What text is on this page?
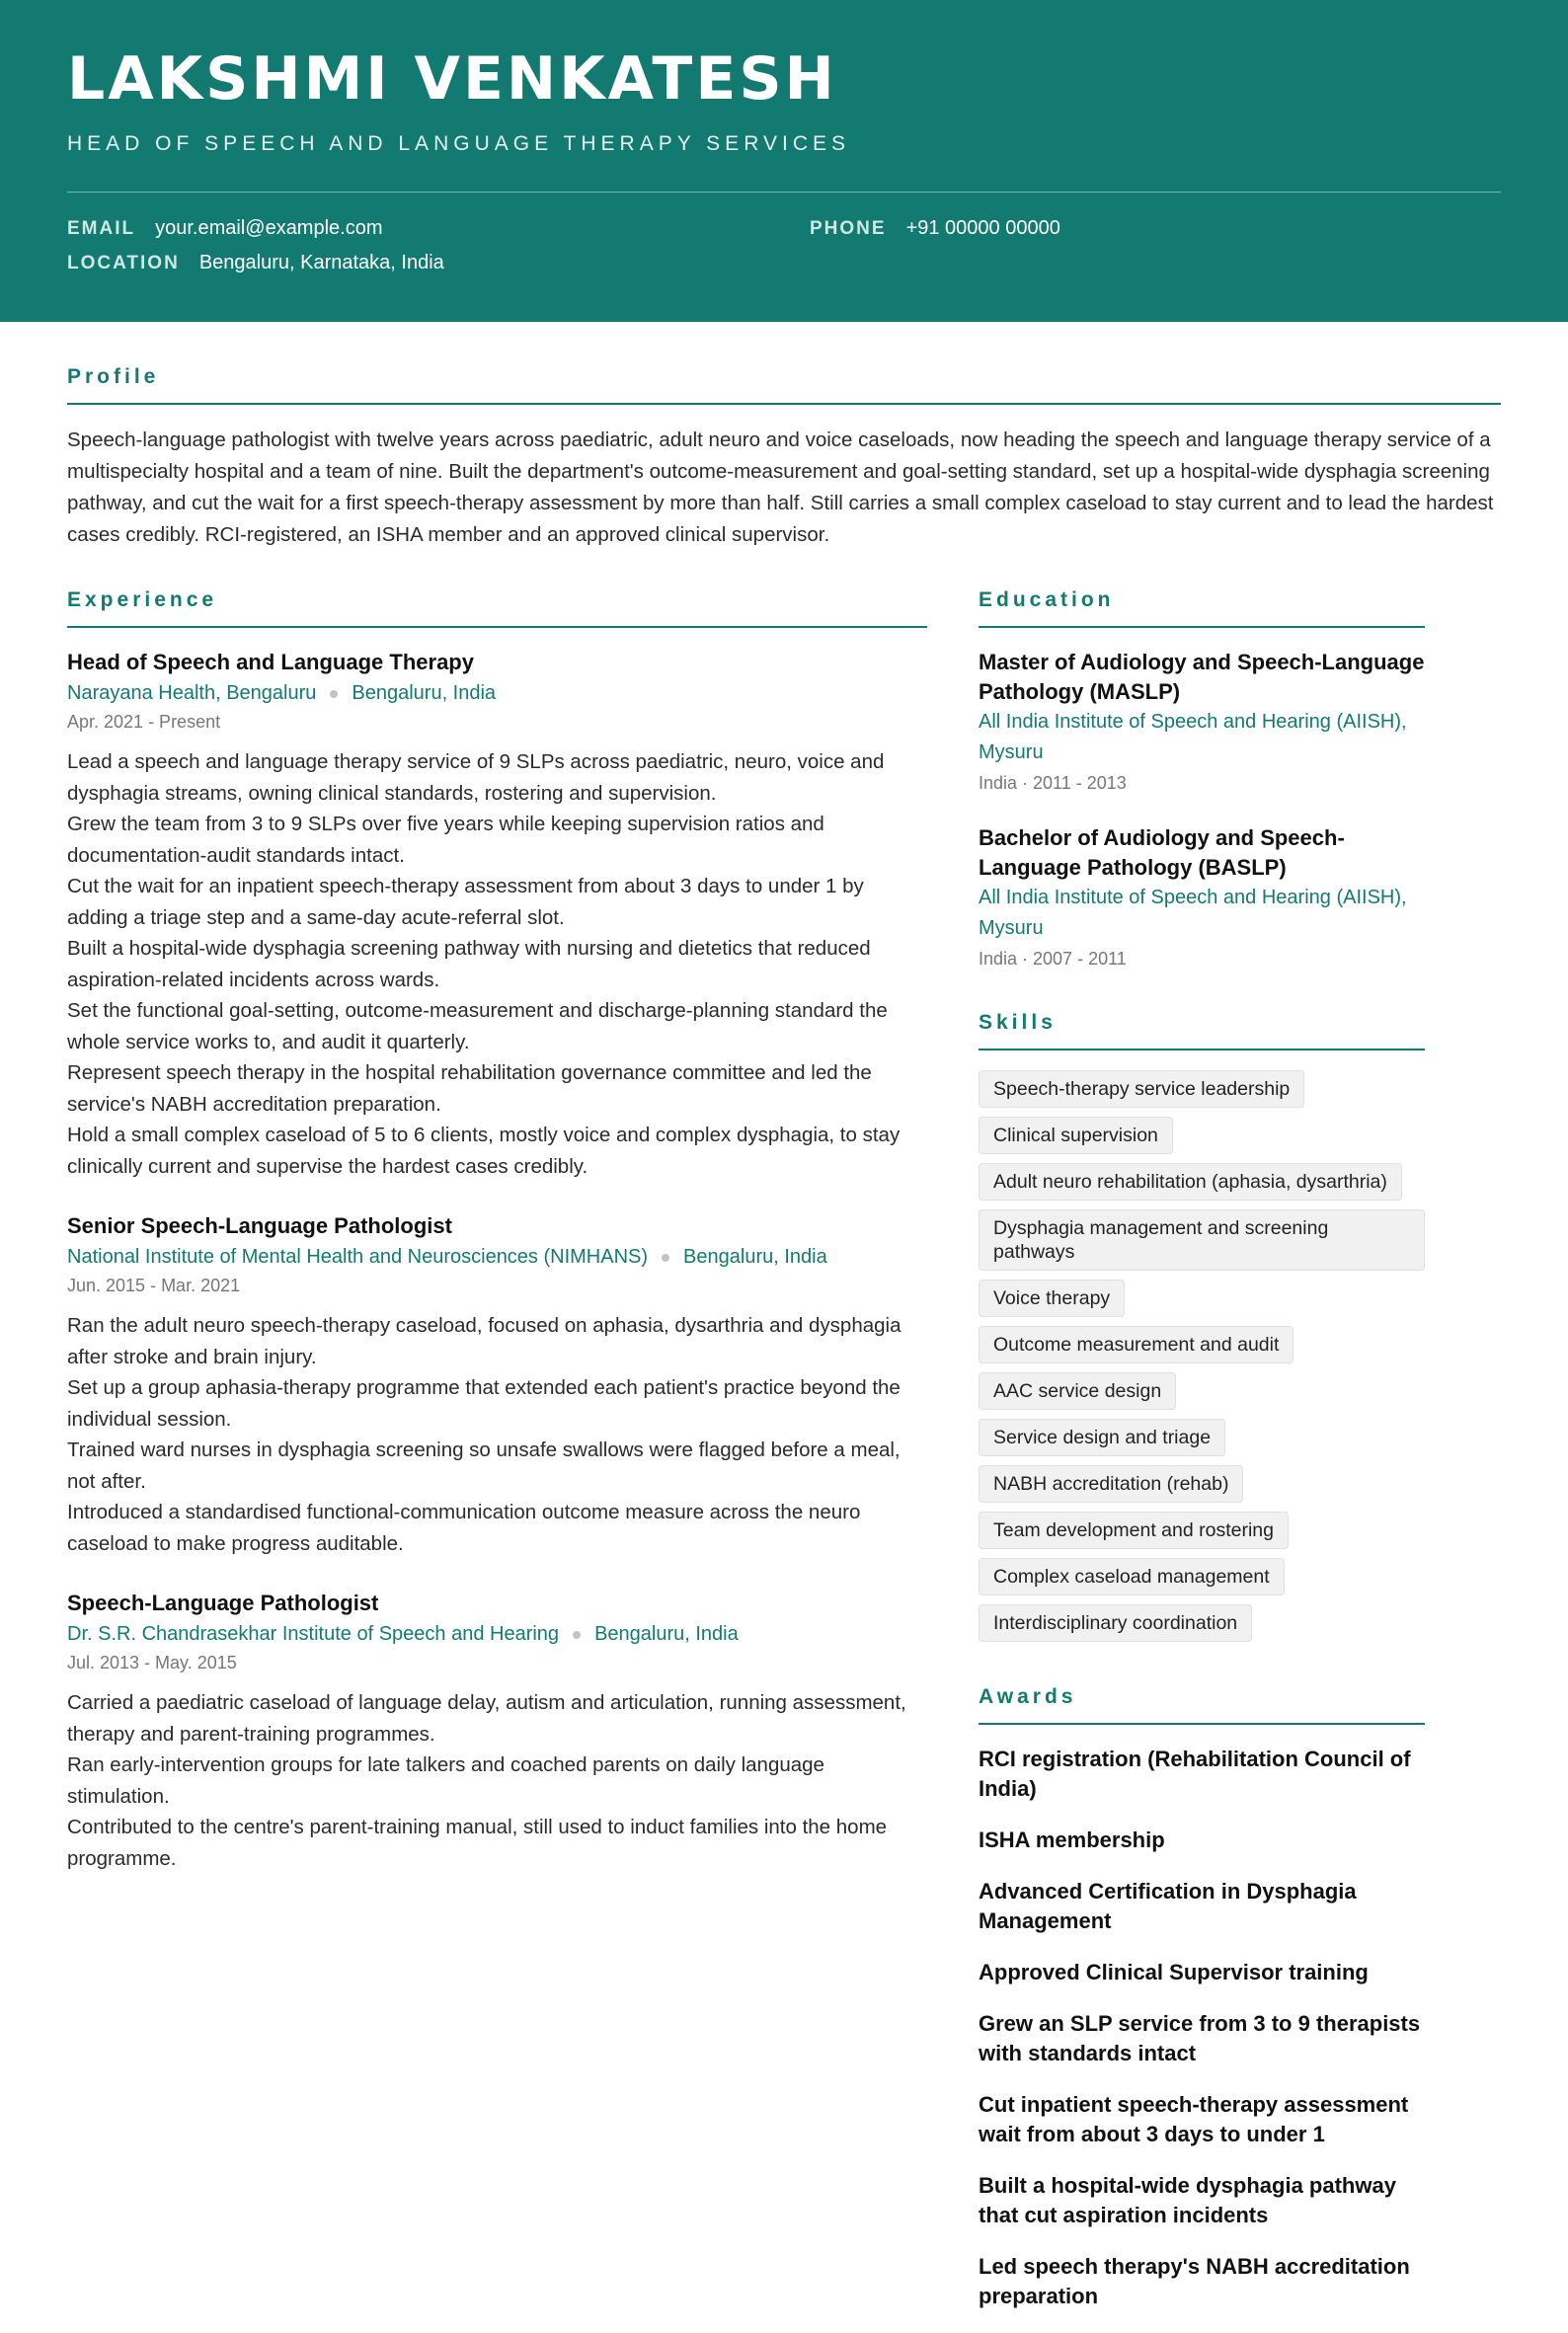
LAKSHMI VENKATESH
HEAD OF SPEECH AND LANGUAGE THERAPY SERVICES
EMAIL your.email@example.com	PHONE +91 00000 00000
LOCATION Bengaluru, Karnataka, India
Profile

Speech-language pathologist with twelve years across paediatric, adult neuro and voice caseloads, now heading the speech and language therapy service of a multispecialty hospital and a team of nine. Built the department's outcome-measurement and goal-setting standard, set up a hospital-wide dysphagia screening pathway, and cut the wait for a first speech-therapy assessment by more than half. Still carries a small complex caseload to stay current and to lead the hardest cases credibly. RCI-registered, an ISHA member and an approved clinical supervisor.

Experience
Head of Speech and Language Therapy
Narayana Health, Bengaluru Bengaluru, India
Apr. 2021 - Present
Lead a speech and language therapy service of 9 SLPs across paediatric, neuro, voice and dysphagia streams, owning clinical standards, rostering and supervision.
Grew the team from 3 to 9 SLPs over five years while keeping supervision ratios and documentation-audit standards intact.
Cut the wait for an inpatient speech-therapy assessment from about 3 days to under 1 by adding a triage step and a same-day acute-referral slot.
Built a hospital-wide dysphagia screening pathway with nursing and dietetics that reduced aspiration-related incidents across wards.
Set the functional goal-setting, outcome-measurement and discharge-planning standard the whole service works to, and audit it quarterly.
Represent speech therapy in the hospital rehabilitation governance committee and led the service's NABH accreditation preparation.
Hold a small complex caseload of 5 to 6 clients, mostly voice and complex dysphagia, to stay clinically current and supervise the hardest cases credibly.
Senior Speech-Language Pathologist
National Institute of Mental Health and Neurosciences (NIMHANS) Bengaluru, India
Jun. 2015 - Mar. 2021
Ran the adult neuro speech-therapy caseload, focused on aphasia, dysarthria and dysphagia after stroke and brain injury.
Set up a group aphasia-therapy programme that extended each patient's practice beyond the individual session.
Trained ward nurses in dysphagia screening so unsafe swallows were flagged before a meal, not after.
Introduced a standardised functional-communication outcome measure across the neuro caseload to make progress auditable.
Speech-Language Pathologist
Dr. S.R. Chandrasekhar Institute of Speech and Hearing Bengaluru, India
Jul. 2013 - May. 2015
Carried a paediatric caseload of language delay, autism and articulation, running assessment, therapy and parent-training programmes.
Ran early-intervention groups for late talkers and coached parents on daily language stimulation.
Contributed to the centre's parent-training manual, still used to induct families into the home programme.
Education
Master of Audiology and Speech-Language Pathology (MASLP)
All India Institute of Speech and Hearing (AIISH), Mysuru
India · 2011 - 2013
Bachelor of Audiology and Speech-Language Pathology (BASLP)
All India Institute of Speech and Hearing (AIISH), Mysuru
India · 2007 - 2011
Skills
Speech-therapy service leadership
Clinical supervision
Adult neuro rehabilitation (aphasia, dysarthria)
Dysphagia management and screening pathways
Voice therapy
Outcome measurement and audit
AAC service design
Service design and triage
NABH accreditation (rehab)
Team development and rostering
Complex caseload management
Interdisciplinary coordination
Awards
RCI registration (Rehabilitation Council of India)
ISHA membership
Advanced Certification in Dysphagia Management
Approved Clinical Supervisor training
Grew an SLP service from 3 to 9 therapists with standards intact
Cut inpatient speech-therapy assessment wait from about 3 days to under 1
Built a hospital-wide dysphagia pathway that cut aspiration incidents
Led speech therapy's NABH accreditation preparation
